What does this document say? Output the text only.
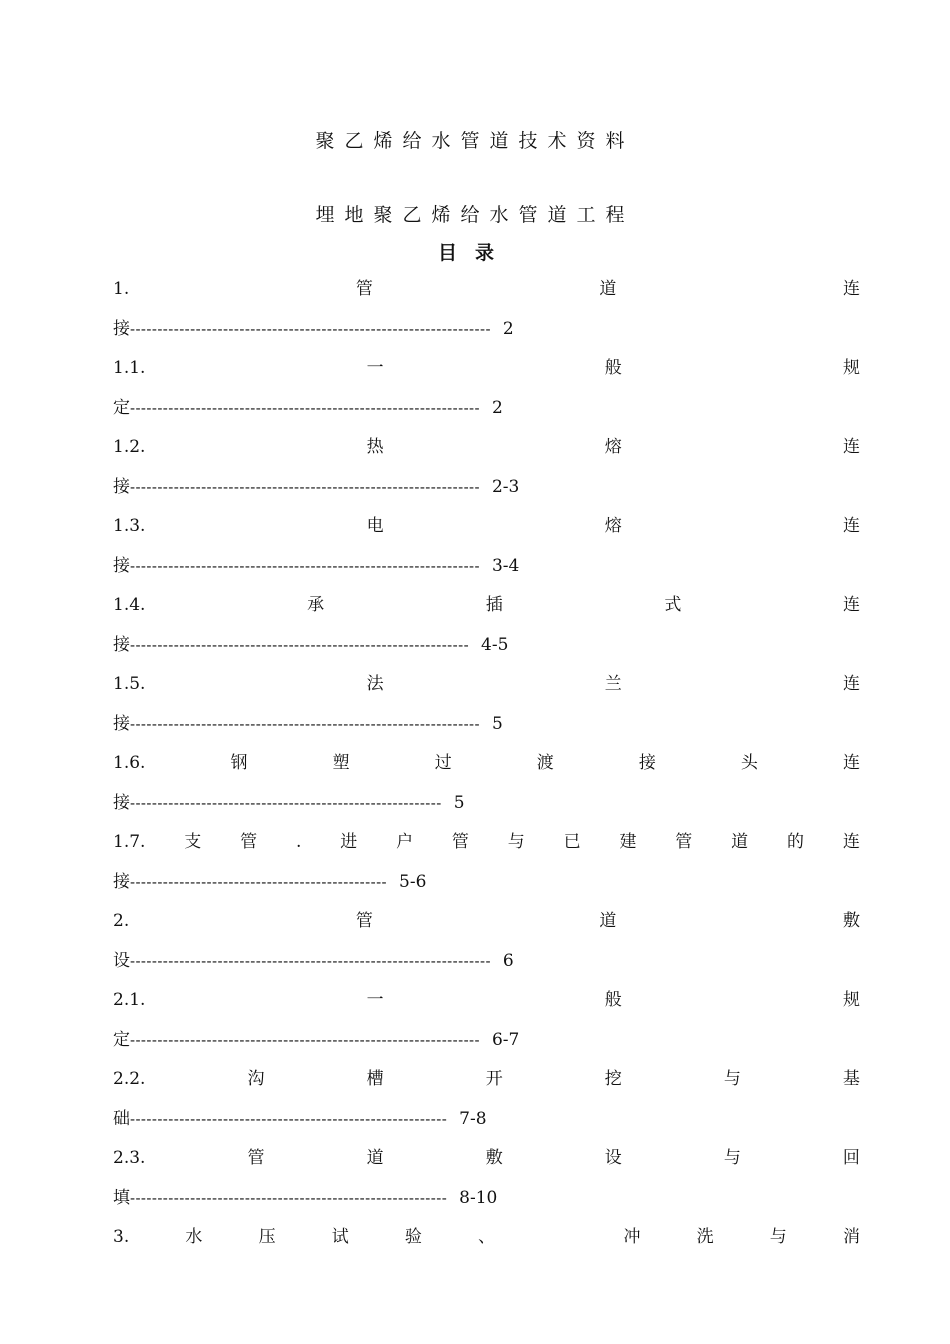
聚乙烯给水管道技术资料
埋地聚乙烯给水管道工程
目录
1.	管	道	连
接------------------------------------------------------------------ 2
1.1.	一	般	规
定---------------------------------------------------------------- 2
1.2.	热	熔	连
接---------------------------------------------------------------- 2-3
1.3.	电	熔	连
接---------------------------------------------------------------- 3-4
1.4.	承	插	式	连
接-------------------------------------------------------------- 4-5
1.5.	法	兰	连
接---------------------------------------------------------------- 5
1.6.	钢	塑	过	渡	接	头	连
接--------------------------------------------------------- 5
1.7. 支 管 . 进 户 管 与 已 建 管 道 的 连
接----------------------------------------------- 5-6
2.	管	道	敷
设------------------------------------------------------------------ 6
2.1.	一	般	规
定---------------------------------------------------------------- 6-7
2.2.	沟	槽	开	挖	与	基
础---------------------------------------------------------- 7-8
2.3.	管	道	敷	设	与	回
填---------------------------------------------------------- 8-10
3.	水	压	试	验	、	冲	洗	与	消
